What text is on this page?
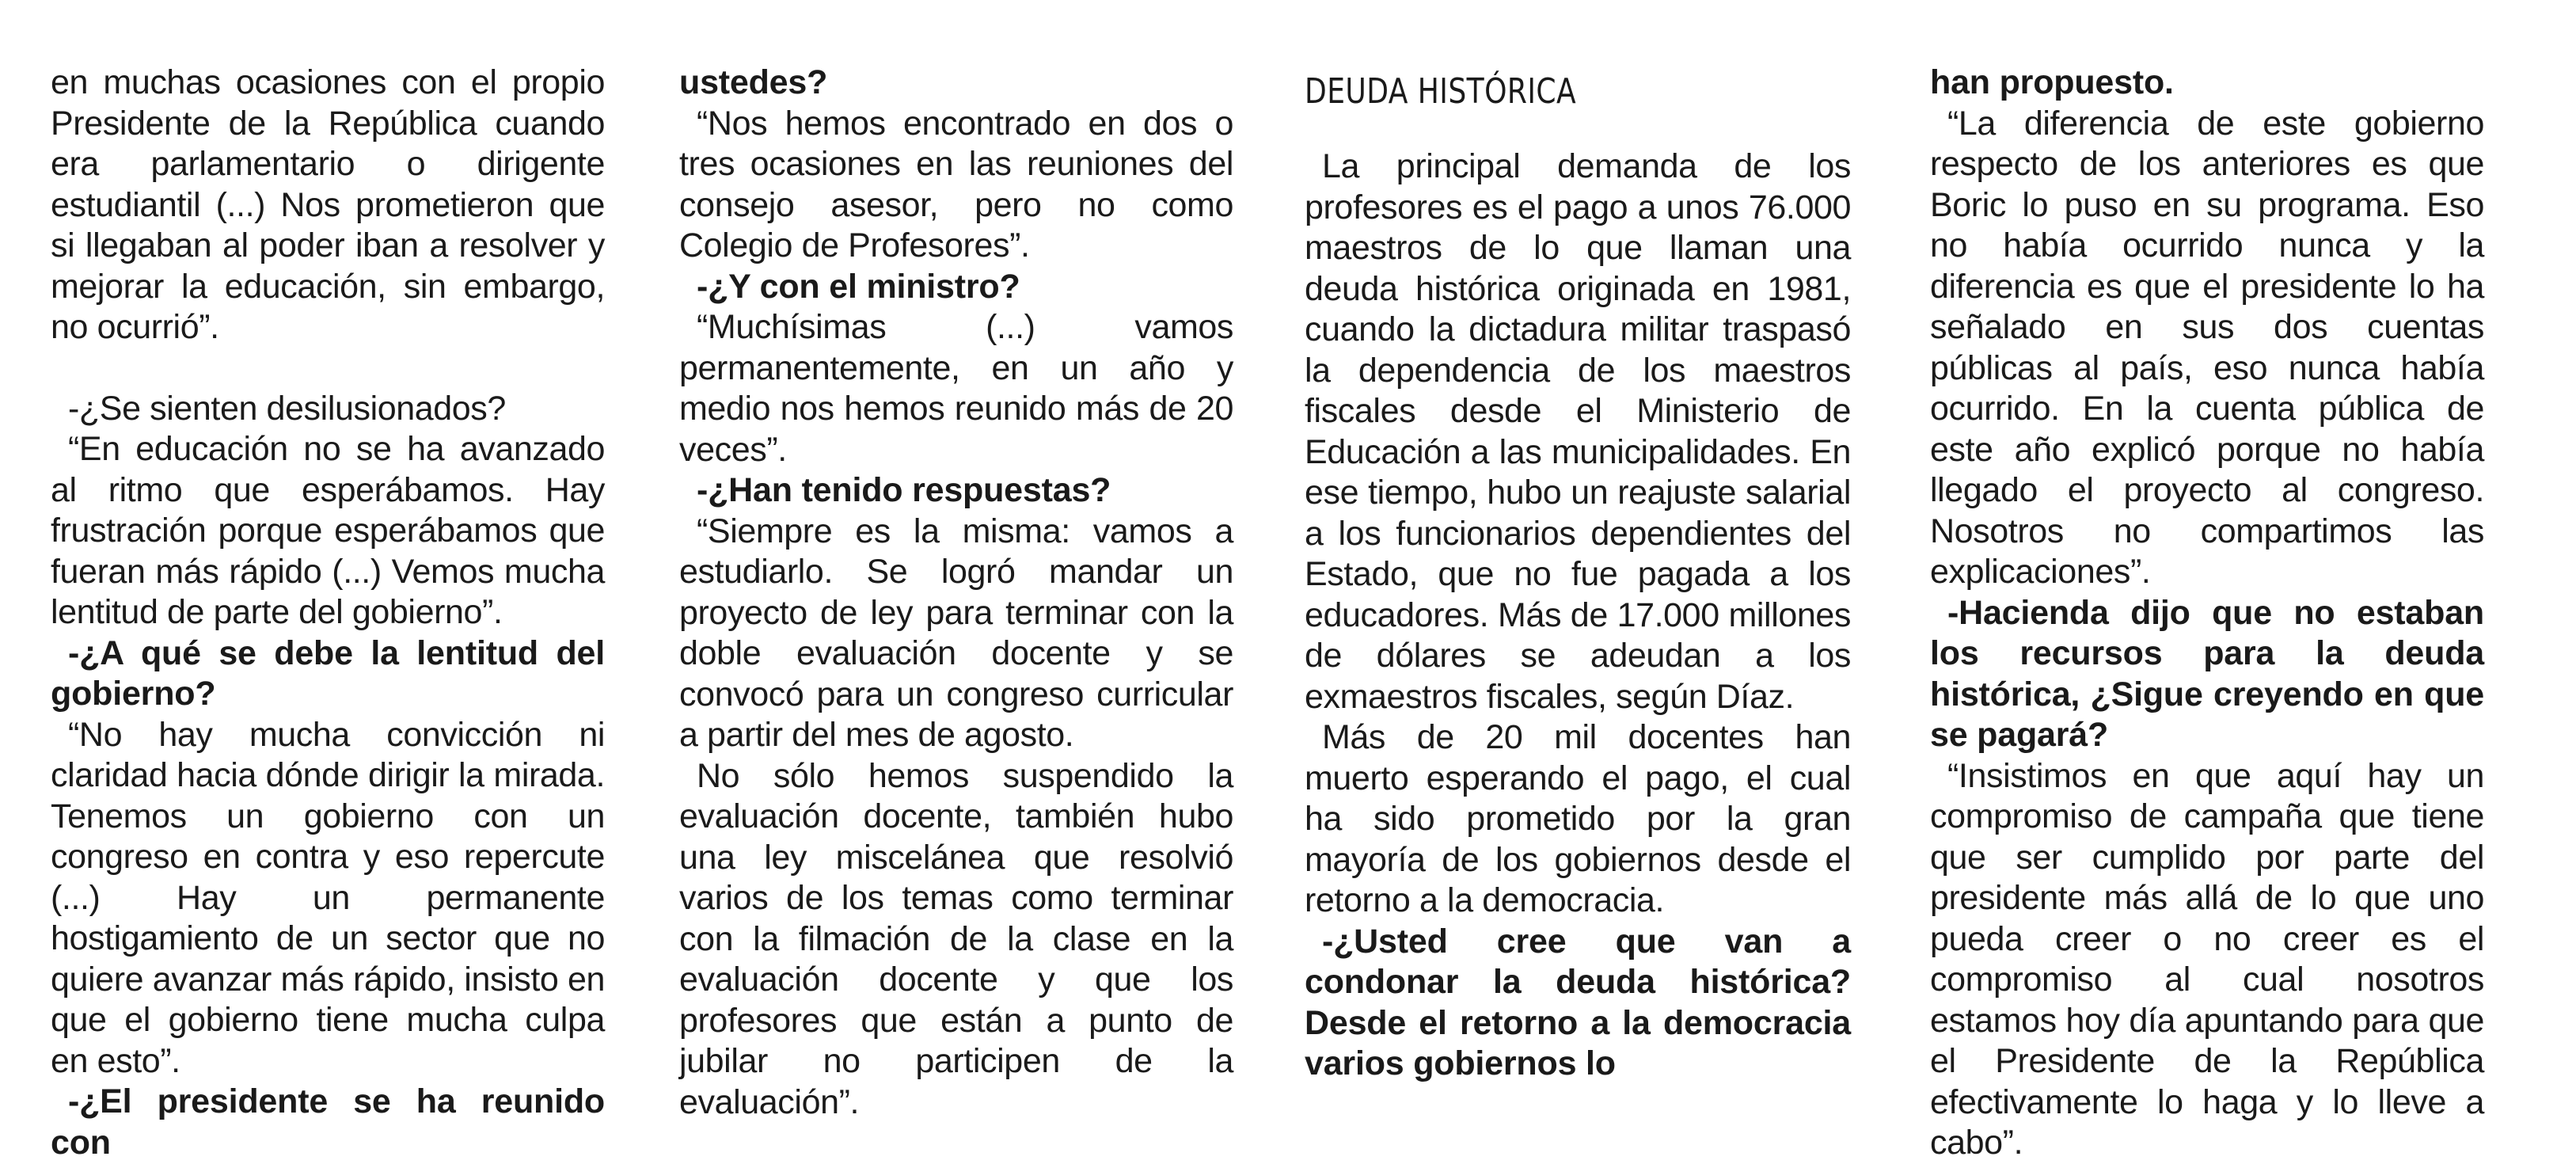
en muchas ocasiones con el propio Presidente de la República cuando era parlamentario o dirigente estudiantil (...) Nos prometieron que si llegaban al poder iban a resolver y mejorar la educación, sin embargo, no ocurrió”.

-¿Se sienten desilusionados?

“En educación no se ha avanzado al ritmo que esperábamos. Hay frustración porque esperábamos que fueran más rápido (...) Vemos mucha lentitud de parte del gobierno”.

-¿A qué se debe la lentitud del gobierno?

“No hay mucha convicción ni claridad hacia dónde dirigir la mirada. Tenemos un gobierno con un congreso en contra y eso repercute (...) Hay un permanente hostigamiento de un sector que no quiere avanzar más rápido, insisto en que el gobierno tiene mucha culpa en esto”.

-¿El presidente se ha reunido con

ustedes?

“Nos hemos encontrado en dos o tres ocasiones en las reuniones del consejo asesor, pero no como Colegio de Profesores”.

-¿Y con el ministro?

“Muchísimas (...) vamos permanentemente, en un año y medio nos hemos reunido más de 20 veces”.

-¿Han tenido respuestas?

“Siempre es la misma: vamos a estudiarlo. Se logró mandar un proyecto de ley para terminar con la doble evaluación docente y se convocó para un congreso curricular a partir del mes de agosto.

No sólo hemos suspendido la evaluación docente, también hubo una ley miscelánea que resolvió varios de los temas como terminar con la filmación de la clase en la evaluación docente y que los profesores que están a punto de jubilar no participen de la evaluación”.

DEUDA HISTÓRICA

La principal demanda de los profesores es el pago a unos 76.000 maestros de lo que llaman una deuda histórica originada en 1981, cuando la dictadura militar traspasó la dependencia de los maestros fiscales desde el Ministerio de Educación a las municipalidades. En ese tiempo, hubo un reajuste salarial a los funcionarios dependientes del Estado, que no fue pagada a los educadores. Más de 17.000 millones de dólares se adeudan a los exmaestros fiscales, según Díaz.

Más de 20 mil docentes han muerto esperando el pago, el cual ha sido prometido por la gran mayoría de los gobiernos desde el retorno a la democracia.

-¿Usted cree que van a condonar la deuda histórica? Desde el retorno a la democracia varios gobiernos lo

han propuesto.

“La diferencia de este gobierno respecto de los anteriores es que Boric lo puso en su programa. Eso no había ocurrido nunca y la diferencia es que el presidente lo ha señalado en sus dos cuentas públicas al país, eso nunca había ocurrido. En la cuenta pública de este año explicó porque no había llegado el proyecto al congreso. Nosotros no compartimos las explicaciones”.

-Hacienda dijo que no estaban los recursos para la deuda histórica, ¿Sigue creyendo en que se pagará?

“Insistimos en que aquí hay un compromiso de campaña que tiene que ser cumplido por parte del presidente más allá de lo que uno pueda creer o no creer es el compromiso al cual nosotros estamos hoy día apuntando para que el Presidente de la República efectivamente lo haga y lo lleve a cabo”.
